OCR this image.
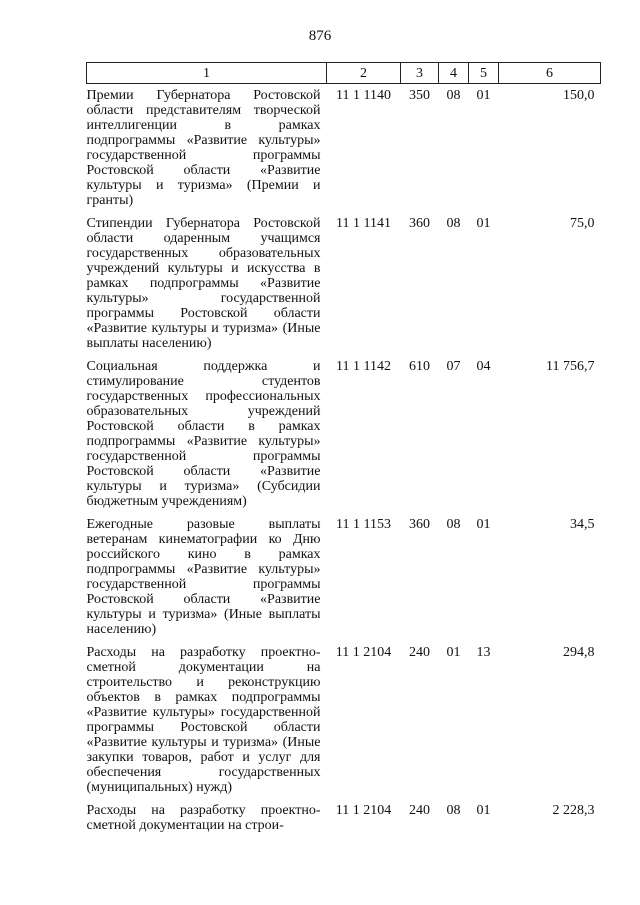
876
1	2	3	4	5	6
Премии Губернатора Ростовской области представителям творческой интеллигенции в рамках подпрограммы «Развитие культуры» государственной программы Ростовской области «Развитие культуры и туризма» (Премии и гранты)	11 1 1140	350	08	01	150,0
Стипендии Губернатора Ростовской области одаренным учащимся государственных образовательных учреждений культуры и искусства в рамках подпрограммы «Развитие культуры» государственной программы Ростовской области «Развитие культуры и туризма» (Иные выплаты населению)	11 1 1141	360	08	01	75,0
Социальная поддержка и стимулирование студентов государственных профессиональных образовательных учреждений Ростовской области в рамках подпрограммы «Развитие культуры» государственной программы Ростовской области «Развитие культуры и туризма» (Субсидии бюджетным учреждениям)	11 1 1142	610	07	04	11 756,7
Ежегодные разовые выплаты ветеранам кинематографии ко Дню российского кино в рамках подпрограммы «Развитие культуры» государственной программы Ростовской области «Развитие культуры и туризма» (Иные выплаты населению)	11 1 1153	360	08	01	34,5
Расходы на разработку проектно-сметной документации на строительство и реконструкцию объектов в рамках подпрограммы «Развитие культуры» государственной программы Ростовской области «Развитие культуры и туризма» (Иные закупки товаров, работ и услуг для обеспечения государственных (муниципальных) нужд)	11 1 2104	240	01	13	294,8
Расходы на разработку проектно-сметной документации на строи-	11 1 2104	240	08	01	2 228,3
